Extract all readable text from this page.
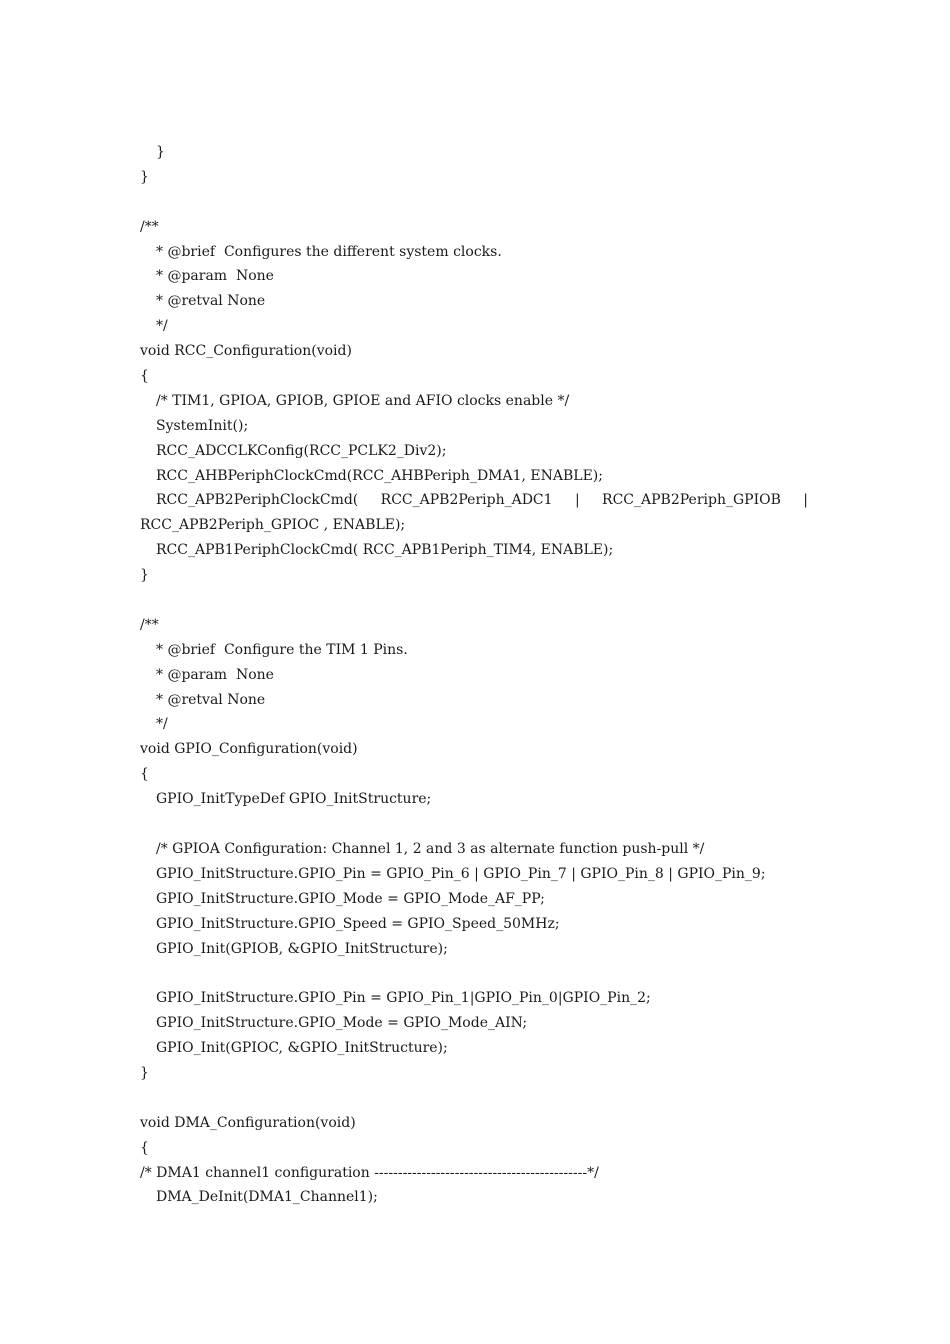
}
}
/**
* @brief  Configures the different system clocks.
* @param  None
* @retval None
*/
void RCC_Configuration(void)
{
/* TIM1, GPIOA, GPIOB, GPIOE and AFIO clocks enable */
SystemInit();
RCC_ADCCLKConfig(RCC_PCLK2_Div2);
RCC_AHBPeriphClockCmd(RCC_AHBPeriph_DMA1, ENABLE);
RCC_APB2PeriphClockCmd( RCC_APB2Periph_ADC1 | RCC_APB2Periph_GPIOB |
RCC_APB2Periph_GPIOC , ENABLE);
RCC_APB1PeriphClockCmd( RCC_APB1Periph_TIM4, ENABLE);
}
/**
* @brief  Configure the TIM 1 Pins.
* @param  None
* @retval None
*/
void GPIO_Configuration(void)
{
GPIO_InitTypeDef GPIO_InitStructure;
/* GPIOA Configuration: Channel 1, 2 and 3 as alternate function push-pull */
GPIO_InitStructure.GPIO_Pin = GPIO_Pin_6 | GPIO_Pin_7 | GPIO_Pin_8 | GPIO_Pin_9;
GPIO_InitStructure.GPIO_Mode = GPIO_Mode_AF_PP;
GPIO_InitStructure.GPIO_Speed = GPIO_Speed_50MHz;
GPIO_Init(GPIOB, &GPIO_InitStructure);
GPIO_InitStructure.GPIO_Pin = GPIO_Pin_1|GPIO_Pin_0|GPIO_Pin_2;
GPIO_InitStructure.GPIO_Mode = GPIO_Mode_AIN;
GPIO_Init(GPIOC, &GPIO_InitStructure);
}
void DMA_Configuration(void)
{
/* DMA1 channel1 configuration ---------------------------------------------*/
DMA_DeInit(DMA1_Channel1);
